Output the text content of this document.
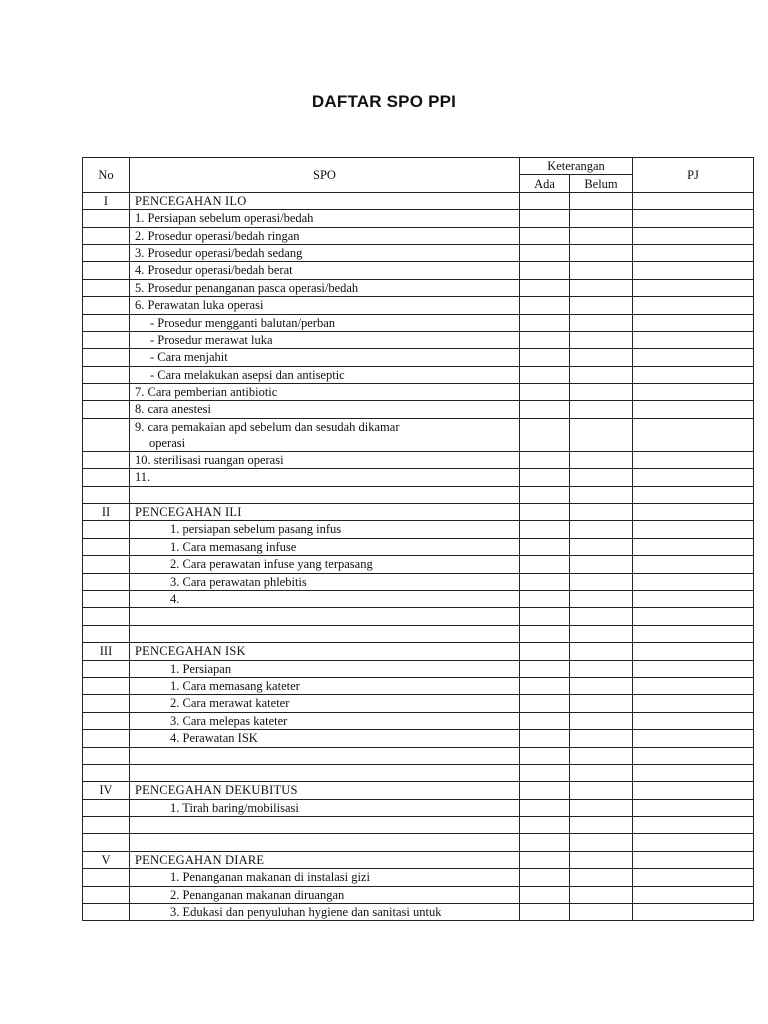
DAFTAR SPO PPI
No	SPO	Keterangan		PJ
		Ada	Belum	
I	PENCEGAHAN ILO			
	1. Persiapan sebelum operasi/bedah			
	2. Prosedur operasi/bedah ringan			
	3. Prosedur operasi/bedah sedang			
	4. Prosedur operasi/bedah berat			
	5. Prosedur penanganan pasca operasi/bedah			
	6. Perawatan luka operasi			
	- Prosedur mengganti balutan/perban			
	- Prosedur merawat luka			
	- Cara menjahit			
	- Cara melakukan asepsi dan antiseptic			
	7. Cara pemberian antibiotic			
	8. cara anestesi			
	9. cara pemakaian apd sebelum dan sesudah dikamar
operasi			

	10. sterilisasi ruangan operasi			
	11.			

II	PENCEGAHAN ILI			
	1. persiapan sebelum pasang infus			
	1. Cara memasang infuse			
	2. Cara perawatan infuse yang terpasang			
	3. Cara perawatan phlebitis			
	4.			

III	PENCEGAHAN ISK			
	1. Persiapan			
	1. Cara memasang kateter			
	2. Cara merawat kateter			
	3. Cara melepas kateter			
	4. Perawatan ISK			

IV	PENCEGAHAN DEKUBITUS			
	1. Tirah baring/mobilisasi			

V	PENCEGAHAN DIARE			
	1. Penanganan makanan di instalasi gizi			
	2. Penanganan makanan diruangan			
	3. Edukasi dan penyuluhan hygiene dan sanitasi untuk			
